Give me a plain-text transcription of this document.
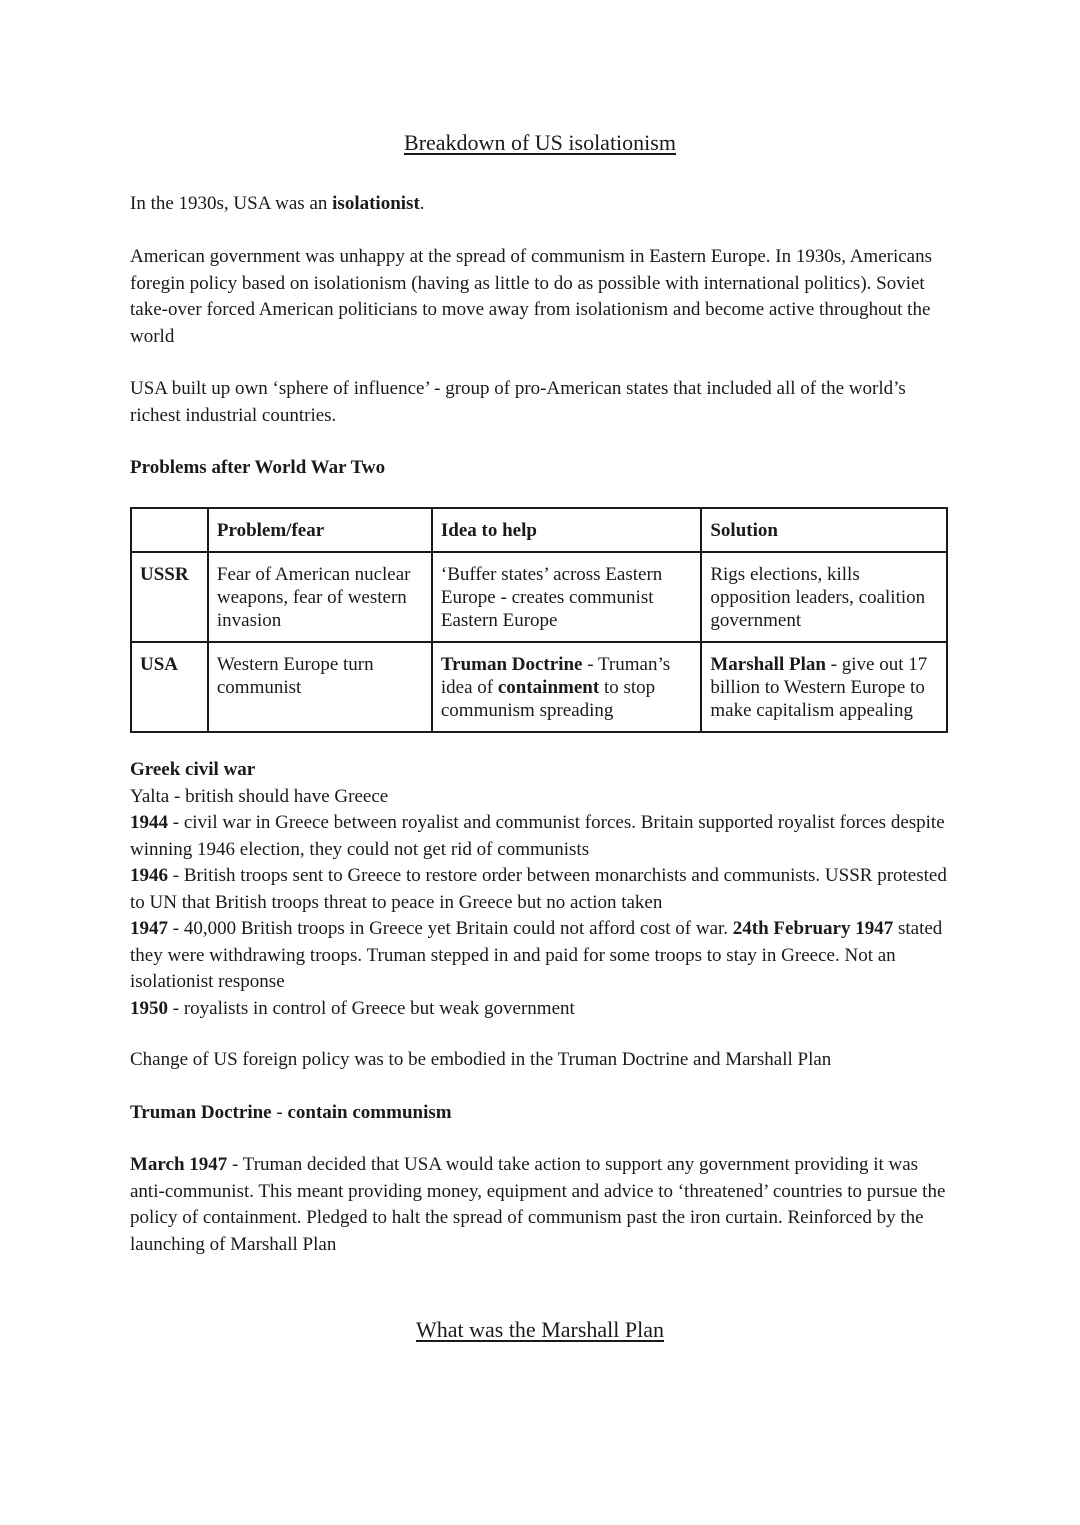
Breakdown of US isolationism

In the 1930s, USA was an isolationist.

American government was unhappy at the spread of communism in Eastern Europe. In 1930s, Americans foregin policy based on isolationism (having as little to do as possible with international politics). Soviet take-over forced American politicians to move away from isolationism and become active throughout the world

USA built up own ‘sphere of influence’ - group of pro-American states that included all of the world’s richest industrial countries.

Problems after World War Two

	Problem/fear	Idea to help	Solution
USSR	Fear of American nuclear weapons, fear of western invasion	‘Buffer states’ across Eastern Europe - creates communist Eastern Europe	Rigs elections, kills opposition leaders, coalition government
USA	Western Europe turn communist	Truman Doctrine - Truman’s idea of containment to stop communism spreading	Marshall Plan - give out 17 billion to Western Europe to make capitalism appealing

Greek civil war

Yalta - british should have Greece

1944 - civil war in Greece between royalist and communist forces. Britain supported royalist forces despite winning 1946 election, they could not get rid of communists

1946 - British troops sent to Greece to restore order between monarchists and communists. USSR protested to UN that British troops threat to peace in Greece but no action taken

1947 - 40,000 British troops in Greece yet Britain could not afford cost of war. 24th February 1947 stated they were withdrawing troops. Truman stepped in and paid for some troops to stay in Greece. Not an isolationist response

1950 - royalists in control of Greece but weak government

Change of US foreign policy was to be embodied in the Truman Doctrine and Marshall Plan

Truman Doctrine - contain communism

March 1947 - Truman decided that USA would take action to support any government providing it was anti-communist. This meant providing money, equipment and advice to ‘threatened’ countries to pursue the policy of containment. Pledged to halt the spread of communism past the iron curtain. Reinforced by the launching of Marshall Plan

What was the Marshall Plan
